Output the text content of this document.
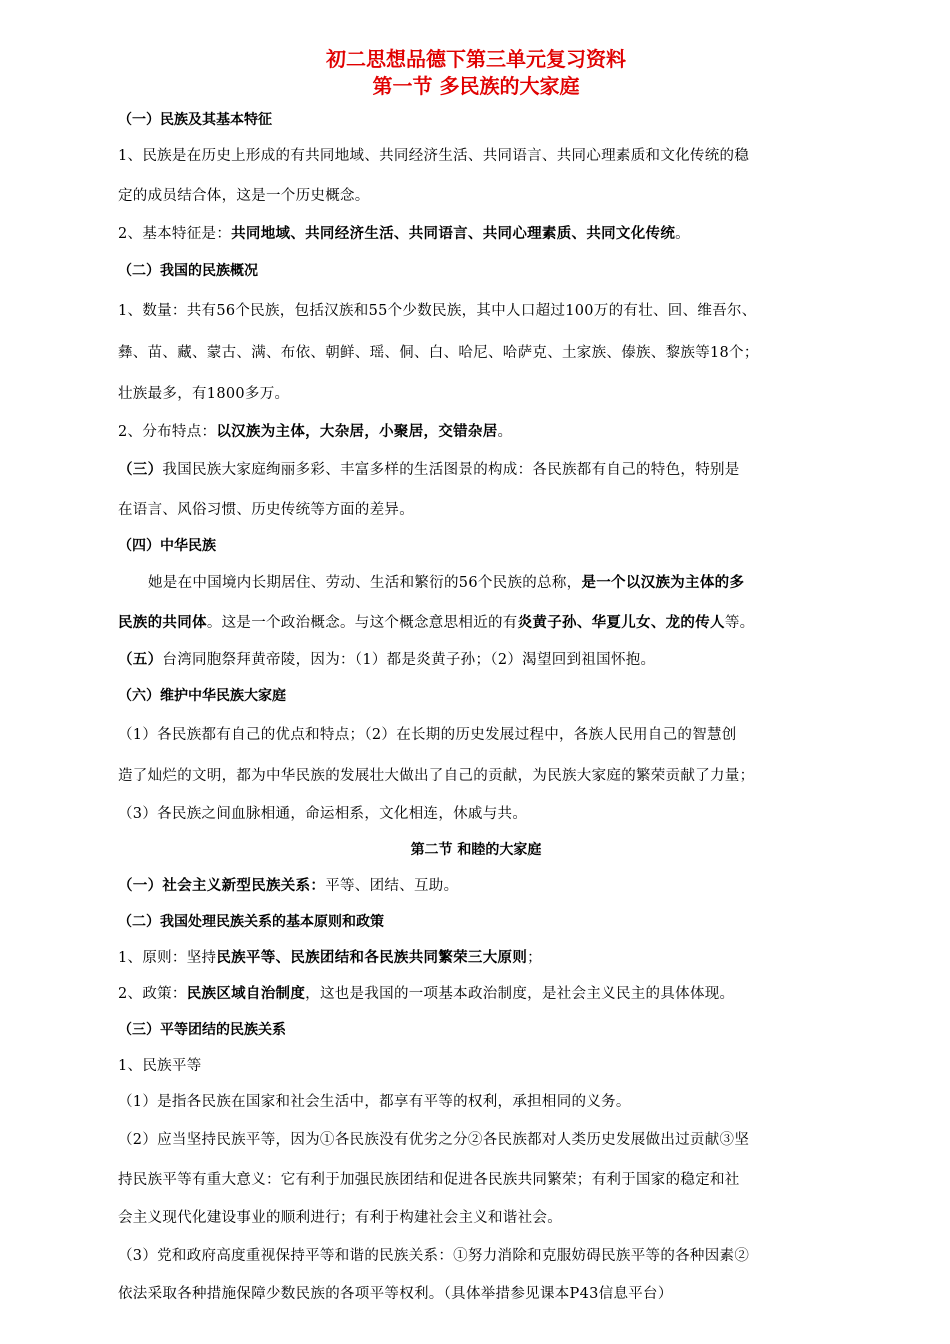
初二思想品德下第三单元复习资料
第一节 多民族的大家庭
（一）民族及其基本特征
1、民族是在历史上形成的有共同地域、共同经济生活、共同语言、共同心理素质和文化传统的稳
定的成员结合体，这是一个历史概念。
2、基本特征是：共同地域、共同经济生活、共同语言、共同心理素质、共同文化传统。
（二）我国的民族概况
1、数量：共有56个民族，包括汉族和55个少数民族，其中人口超过100万的有壮、回、维吾尔、
彝、苗、藏、蒙古、满、布依、朝鲜、瑶、侗、白、哈尼、哈萨克、土家族、傣族、黎族等18个；
壮族最多，有1800多万。
2、分布特点：以汉族为主体，大杂居，小聚居，交错杂居。
（三）我国民族大家庭绚丽多彩、丰富多样的生活图景的构成：各民族都有自己的特色，特别是
在语言、风俗习惯、历史传统等方面的差异。
（四）中华民族
她是在中国境内长期居住、劳动、生活和繁衍的56个民族的总称，是一个以汉族为主体的多
民族的共同体。这是一个政治概念。与这个概念意思相近的有炎黄子孙、华夏儿女、龙的传人等。
（五）台湾同胞祭拜黄帝陵，因为：（1）都是炎黄子孙；（2）渴望回到祖国怀抱。
（六）维护中华民族大家庭
（1）各民族都有自己的优点和特点；（2）在长期的历史发展过程中，各族人民用自己的智慧创
造了灿烂的文明，都为中华民族的发展壮大做出了自己的贡献，为民族大家庭的繁荣贡献了力量；
（3）各民族之间血脉相通，命运相系，文化相连，休戚与共。
第二节 和睦的大家庭
（一）社会主义新型民族关系：平等、团结、互助。
（二）我国处理民族关系的基本原则和政策
1、原则：坚持民族平等、民族团结和各民族共同繁荣三大原则；
2、政策：民族区域自治制度，这也是我国的一项基本政治制度，是社会主义民主的具体体现。
（三）平等团结的民族关系
1、民族平等
（1）是指各民族在国家和社会生活中，都享有平等的权利，承担相同的义务。
（2）应当坚持民族平等，因为①各民族没有优劣之分②各民族都对人类历史发展做出过贡献③坚
持民族平等有重大意义：它有利于加强民族团结和促进各民族共同繁荣；有利于国家的稳定和社
会主义现代化建设事业的顺利进行；有利于构建社会主义和谐社会。
（3）党和政府高度重视保持平等和谐的民族关系：①努力消除和克服妨碍民族平等的各种因素②
依法采取各种措施保障少数民族的各项平等权利。（具体举措参见课本P43信息平台）
